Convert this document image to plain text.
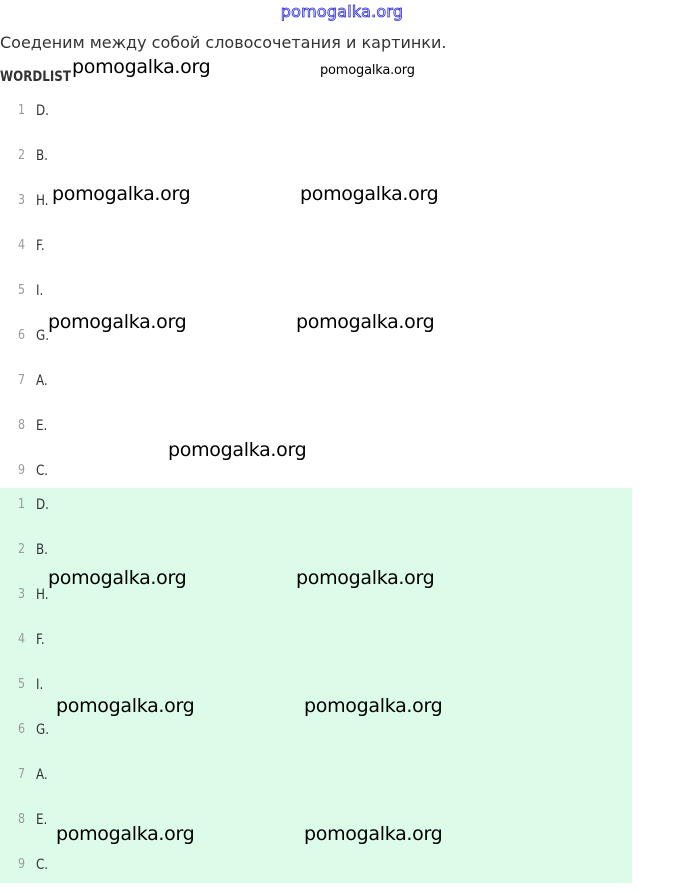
pomogalka.org
Соеденим между собой словосочетания и картинки.
WORDLIST
1 D.
2 B.
3 H.
4 F.
5 I.
6 G.
7 A.
8 E.
9 C.
1 D.
2 B.
3 H.
4 F.
5 I.
6 G.
7 A.
8 E.
9 C.
pomogalka.org	pomogalka.org
pomogalka.org	pomogalka.org
pomogalka.org	pomogalka.org
pomogalka.org
pomogalka.org	pomogalka.org
pomogalka.org	pomogalka.org
pomogalka.org	pomogalka.org
